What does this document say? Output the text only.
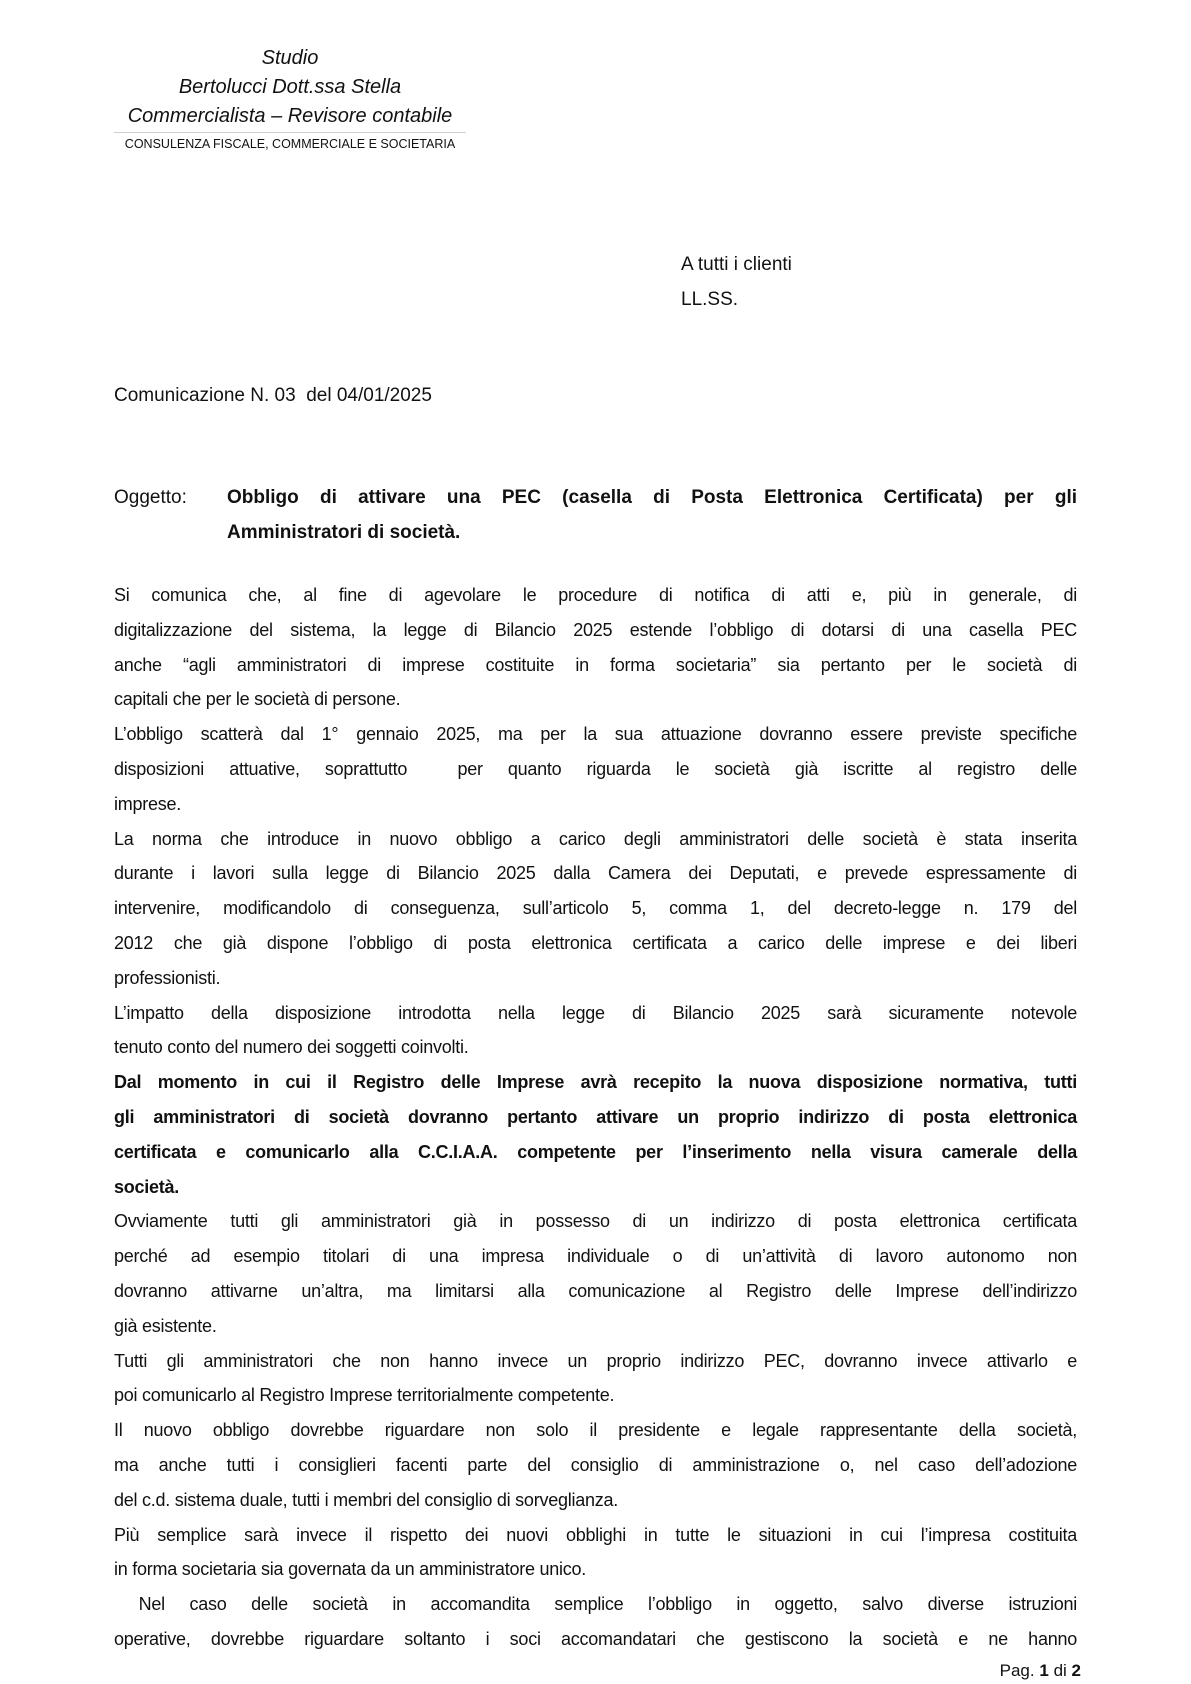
Studio
Bertolucci Dott.ssa Stella
Commercialista – Revisore contabile
CONSULENZA FISCALE, COMMERCIALE E SOCIETARIA
A tutti i clienti
LL.SS.
Comunicazione N. 03  del 04/01/2025
Oggetto: Obbligo di attivare una PEC (casella di Posta Elettronica Certificata) per gli
Amministratori di società.
Si comunica che, al fine di agevolare le procedure di notifica di atti e, più in generale, di
digitalizzazione del sistema, la legge di Bilancio 2025 estende l’obbligo di dotarsi di una casella PEC
anche “agli amministratori di imprese costituite in forma societaria” sia pertanto per le società di
capitali che per le società di persone.
L’obbligo scatterà dal 1° gennaio 2025, ma per la sua attuazione dovranno essere previste specifiche
disposizioni attuative, soprattutto  per quanto riguarda le società già iscritte al registro delle
imprese.
La norma che introduce in nuovo obbligo a carico degli amministratori delle società è stata inserita
durante i lavori sulla legge di Bilancio 2025 dalla Camera dei Deputati, e prevede espressamente di
intervenire, modificandolo di conseguenza, sull’articolo 5, comma 1, del decreto-legge n. 179 del
2012 che già dispone l’obbligo di posta elettronica certificata a carico delle imprese e dei liberi
professionisti.
L’impatto della disposizione introdotta nella legge di Bilancio 2025 sarà sicuramente notevole
tenuto conto del numero dei soggetti coinvolti.
Dal momento in cui il Registro delle Imprese avrà recepito la nuova disposizione normativa, tutti
gli amministratori di società dovranno pertanto attivare un proprio indirizzo di posta elettronica
certificata e comunicarlo alla C.C.I.A.A. competente per l’inserimento nella visura camerale della
società.
Ovviamente tutti gli amministratori già in possesso di un indirizzo di posta elettronica certificata
perché ad esempio titolari di una impresa individuale o di un’attività di lavoro autonomo non
dovranno attivarne un’altra, ma limitarsi alla comunicazione al Registro delle Imprese dell’indirizzo
già esistente.
Tutti gli amministratori che non hanno invece un proprio indirizzo PEC, dovranno invece attivarlo e
poi comunicarlo al Registro Imprese territorialmente competente.
Il nuovo obbligo dovrebbe riguardare non solo il presidente e legale rappresentante della società,
ma anche tutti i consiglieri facenti parte del consiglio di amministrazione o, nel caso dell’adozione
del c.d. sistema duale, tutti i membri del consiglio di sorveglianza.
Più semplice sarà invece il rispetto dei nuovi obblighi in tutte le situazioni in cui l’impresa costituita
in forma societaria sia governata da un amministratore unico.
Nel caso delle società in accomandita semplice l’obbligo in oggetto, salvo diverse istruzioni
operative, dovrebbe riguardare soltanto i soci accomandatari che gestiscono la società e ne hanno
Pag. 1 di 2
